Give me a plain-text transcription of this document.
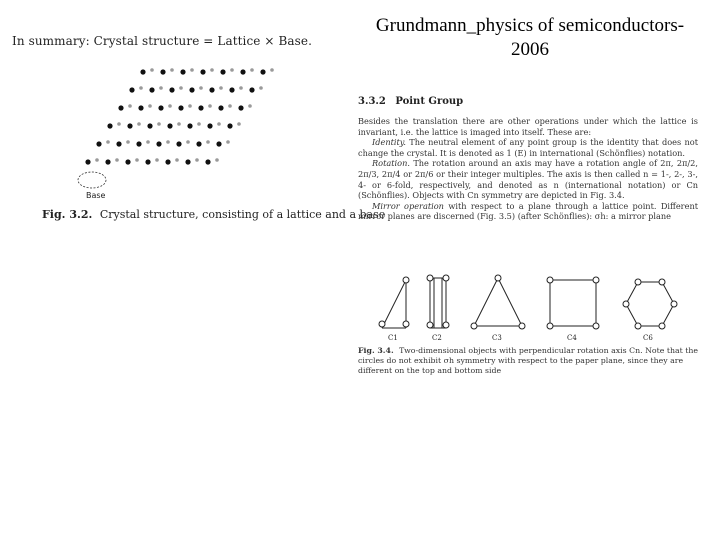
Grundmann_physics of semiconductors-2006
In summary: Crystal structure = Lattice × Base.
Base
Fig. 3.2. Crystal structure, consisting of a lattice and a base
3.3.2 Point Group

Besides the translation there are other operations under which the lattice is invariant, i.e. the lattice is imaged into itself. These are:

Identity. The neutral element of any point group is the identity that does not change the crystal. It is denoted as 1 (E) in international (Schönflies) notation.

Rotation. The rotation around an axis may have a rotation angle of 2π, 2π/2, 2π/3, 2π/4 or 2π/6 or their integer multiples. The axis is then called n = 1-, 2-, 3-, 4- or 6-fold, respectively, and denoted as n (international notation) or Cn (Schönflies). Objects with Cn symmetry are depicted in Fig. 3.4.

Mirror operation with respect to a plane through a lattice point. Different mirror planes are discerned (Fig. 3.5) (after Schönflies): σh: a mirror plane

C1	C2	C3	C4	C6
Fig. 3.4. Two-dimensional objects with perpendicular rotation axis Cn. Note that the circles do not exhibit σh symmetry with respect to the paper plane, since they are different on the top and bottom side
